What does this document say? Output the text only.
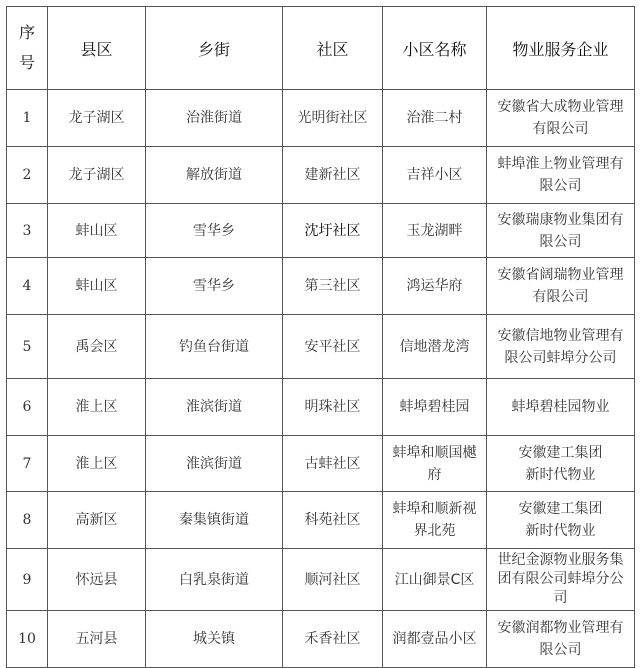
序
号	县区	乡街	社区	小区名称	物业服务企业
1	龙子湖区	治淮街道	光明街社区	治淮二村	安徽省大成物业管理有限公司
2	龙子湖区	解放街道	建新社区	吉祥小区	蚌埠淮上物业管理有限公司
3	蚌山区	雪华乡	沈圩社区	玉龙湖畔	安徽瑞康物业集团有限公司
4	蚌山区	雪华乡	第三社区	鸿运华府	安徽省阔瑞物业管理有限公司
5	禹会区	钓鱼台街道	安平社区	信地潜龙湾	安徽信地物业管理有限公司蚌埠分公司
6	淮上区	淮滨街道	明珠社区	蚌埠碧桂园	蚌埠碧桂园物业
7	淮上区	淮滨街道	古蚌社区	蚌埠和顺国樾府	安徽建工集团
新时代物业
8	高新区	秦集镇街道	科苑社区	蚌埠和顺新视界北苑	安徽建工集团
新时代物业
9	怀远县	白乳泉街道	顺河社区	江山御景C区	世纪金源物业服务集团有限公司蚌埠分公司
10	五河县	城关镇	禾香社区	润都壹品小区	安徽润都物业管理有限公司
